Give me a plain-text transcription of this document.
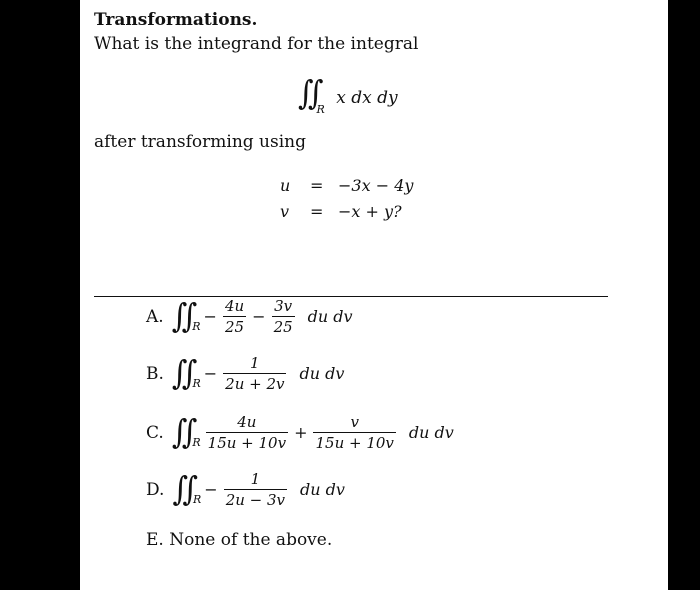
Transformations.
What is the integrand for the integral
∬ $_R$ x dx dy
after transforming using
u = −3x − 4y
v = −x + y?
A. ∬ R
− $\frac{4u}{25} - \frac{3v}{25}$ du dv
B. ∬ R
− $\frac{1}{2u + 2v}$ du dv
C. ∬ R $\frac{4u}{15u + 10v} + \frac{v}{15u + 10v}$ du dv
D. ∬ R
− $\frac{1}{2u - 3v}$ du dv
E. None of the above.
